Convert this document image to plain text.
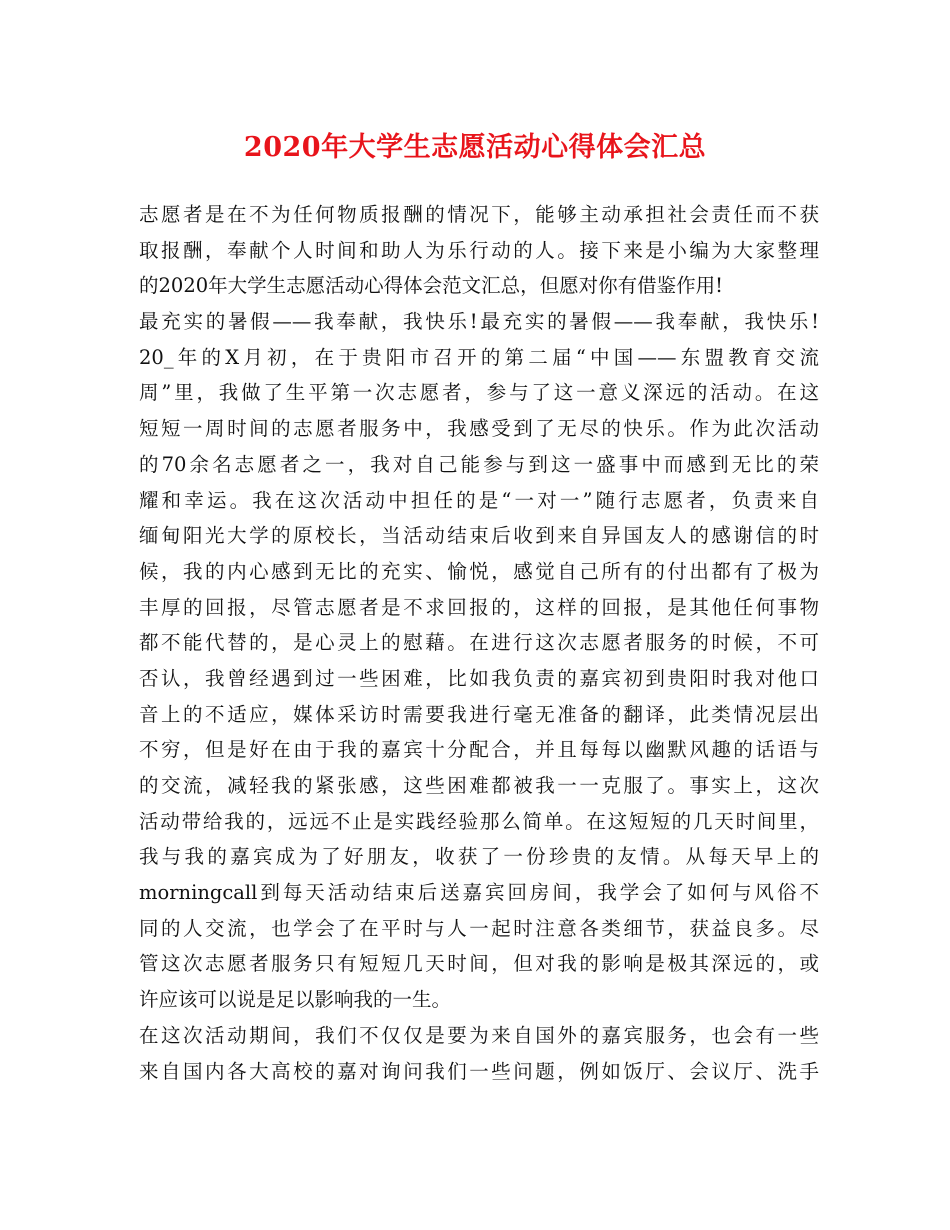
2020年大学生志愿活动心得体会汇总
志愿者是在不为任何物质报酬的情况下，能够主动承担社会责任而不获
取报酬，奉献个人时间和助人为乐行动的人。接下来是小编为大家整理
的2020年大学生志愿活动心得体会范文汇总，但愿对你有借鉴作用!
最充实的暑假——我奉献，我快乐!最充实的暑假——我奉献，我快乐!
20_年的X月初，在于贵阳市召开的第二届“中国——东盟教育交流
周”里，我做了生平第一次志愿者，参与了这一意义深远的活动。在这
短短一周时间的志愿者服务中，我感受到了无尽的快乐。作为此次活动
的70余名志愿者之一，我对自己能参与到这一盛事中而感到无比的荣
耀和幸运。我在这次活动中担任的是“一对一”随行志愿者，负责来自
缅甸阳光大学的原校长，当活动结束后收到来自异国友人的感谢信的时
候，我的内心感到无比的充实、愉悦，感觉自己所有的付出都有了极为
丰厚的回报，尽管志愿者是不求回报的，这样的回报，是其他任何事物
都不能代替的，是心灵上的慰藉。在进行这次志愿者服务的时候，不可
否认，我曾经遇到过一些困难，比如我负责的嘉宾初到贵阳时我对他口
音上的不适应，媒体采访时需要我进行毫无准备的翻译，此类情况层出
不穷，但是好在由于我的嘉宾十分配合，并且每每以幽默风趣的话语与
的交流，减轻我的紧张感，这些困难都被我一一克服了。事实上，这次
活动带给我的，远远不止是实践经验那么简单。在这短短的几天时间里，
我与我的嘉宾成为了好朋友，收获了一份珍贵的友情。从每天早上的
morningcall到每天活动结束后送嘉宾回房间，我学会了如何与风俗不
同的人交流，也学会了在平时与人一起时注意各类细节，获益良多。尽
管这次志愿者服务只有短短几天时间，但对我的影响是极其深远的，或
许应该可以说是足以影响我的一生。
在这次活动期间，我们不仅仅是要为来自国外的嘉宾服务，也会有一些
来自国内各大高校的嘉对询问我们一些问题，例如饭厅、会议厅、洗手
